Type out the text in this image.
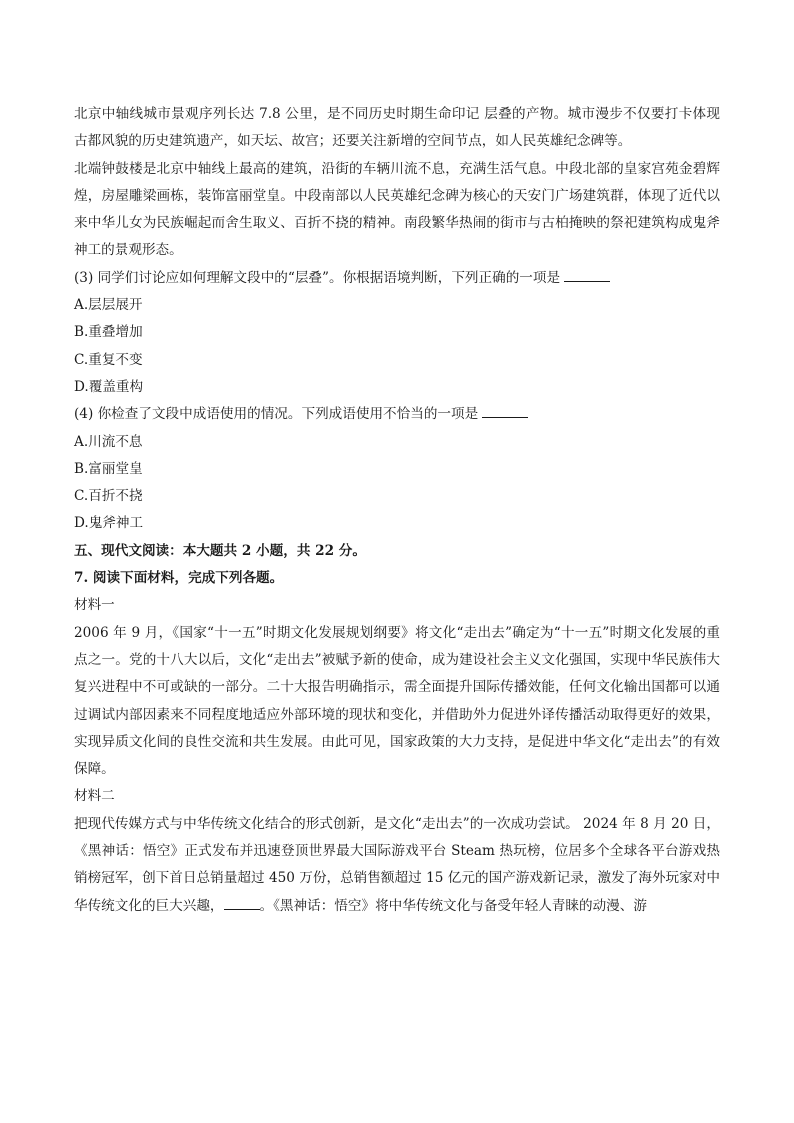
北京中轴线城市景观序列长达 7.8 公里，是不同历史时期生命印记 层叠的产物。城市漫步不仅要打卡体现古都风貌的历史建筑遗产，如天坛、故宫；还要关注新增的空间节点，如人民英雄纪念碑等。

北端钟鼓楼是北京中轴线上最高的建筑，沿街的车辆川流不息，充满生活气息。中段北部的皇家宫苑金碧辉煌，房屋雕梁画栋，装饰富丽堂皇。中段南部以人民英雄纪念碑为核心的天安门广场建筑群，体现了近代以来中华儿女为民族崛起而舍生取义、百折不挠的精神。南段繁华热闹的街市与古柏掩映的祭祀建筑构成鬼斧神工的景观形态。

(3) 同学们讨论应如何理解文段中的“层叠”。你根据语境判断，下列正确的一项是

A.层层展开

B.重叠增加

C.重复不变

D.覆盖重构

(4) 你检查了文段中成语使用的情况。下列成语使用不恰当的一项是

A.川流不息

B.富丽堂皇

C.百折不挠

D.鬼斧神工

五、现代文阅读：本大题共 2 小题，共 22 分。

7. 阅读下面材料，完成下列各题。

材料一

2006 年 9 月，《国家“十一五”时期文化发展规划纲要》将文化“走出去”确定为“十一五”时期文化发展的重点之一。党的十八大以后，文化“走出去”被赋予新的使命，成为建设社会主义文化强国，实现中华民族伟大复兴进程中不可或缺的一部分。二十大报告明确指示，需全面提升国际传播效能，任何文化输出国都可以通过调试内部因素来不同程度地适应外部环境的现状和变化，并借助外力促进外译传播活动取得更好的效果，实现异质文化间的良性交流和共生发展。由此可见，国家政策的大力支持，是促进中华文化“走出去”的有效保障。

材料二

把现代传媒方式与中华传统文化结合的形式创新，是文化“走出去”的一次成功尝试。 2024 年 8 月 20 日，《黑神话：悟空》正式发布并迅速登顶世界最大国际游戏平台 Steam 热玩榜，位居多个全球各平台游戏热销榜冠军，创下首日总销量超过 450 万份，总销售额超过 15 亿元的国产游戏新记录，激发了海外玩家对中华传统文化的巨大兴趣，	。《黑神话：悟空》将中华传统文化与备受年轻人青睐的动漫、游
